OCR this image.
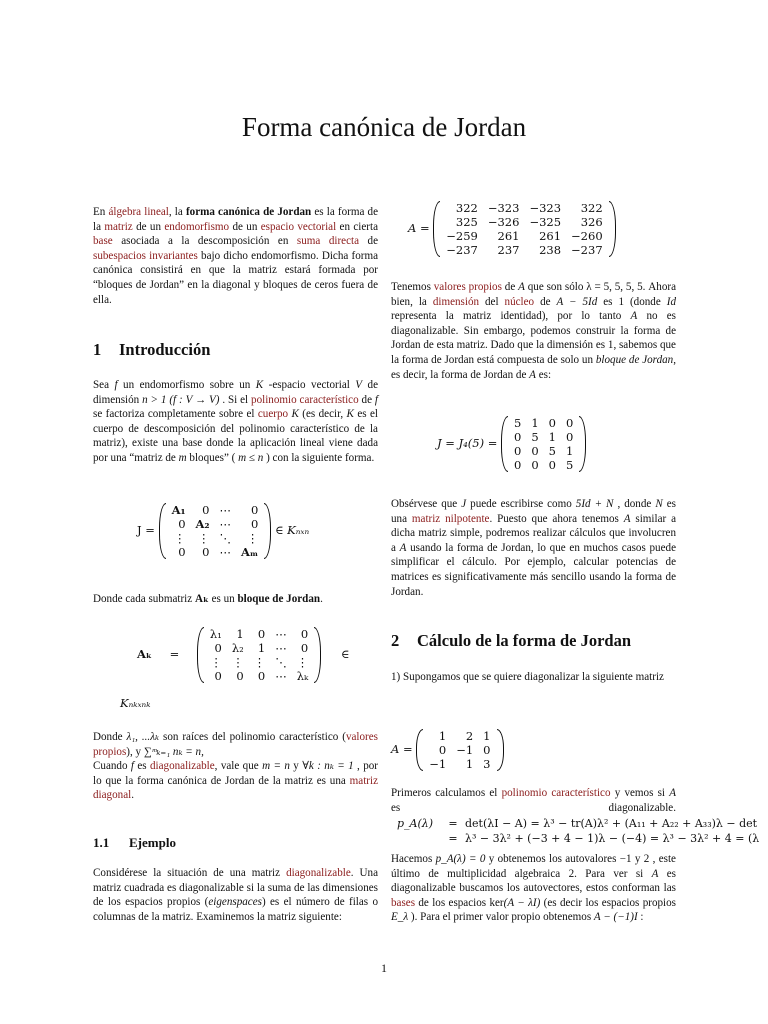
Forma canónica de Jordan

En álgebra lineal, la forma canónica de Jordan es la forma de la matriz de un endomorfismo de un espacio vectorial en cierta base asociada a la descomposición en suma directa de subespacios invariantes bajo dicho endomorfismo. Dicha forma canónica consistirá en que la matriz estará formada por “bloques de Jordan” en la diagonal y bloques de ceros fuera de ella.

1 Introducción

Sea f un endomorfismo sobre un K -espacio vectorial V de dimensión n > 1 (f : V → V) . Si el polinomio característico de f se factoriza completamente sobre el cuerpo K (es decir, K es el cuerpo de descomposición del polinomio característico de la matriz), existe una base donde la aplicación lineal viene dada por una “matriz de m bloques” ( m ≤ n ) con la siguiente forma.

J =
A₁	0	⋯	0
0	A₂	⋯	0
⋮	⋮	⋱	⋮
0	0	⋯	Aₘ
∈ Kₙₓₙ

Donde cada submatriz Aₖ es un bloque de Jordan.

Aₖ =
λ₁	1	0	⋯	0
0	λ₂	1	⋯	0
⋮	⋮	⋮	⋱	⋮
0	0	0	⋯	λₖ
∈
Kₙₖₓₙₖ

Donde λ₁, ...λₖ son raíces del polinomio característico (valores propios), y ∑ᵐₖ₌₁ nₖ = n,
Cuando f es diagonalizable, vale que m = n y ∀k : nₖ = 1 , por lo que la forma canónica de Jordan de la matriz es una matriz diagonal.

1.1 Ejemplo

Considérese la situación de una matriz diagonalizable. Una matriz cuadrada es diagonalizable si la suma de las dimensiones de los espacios propios (eigenspaces) es el número de filas o columnas de la matriz. Examinemos la matriz siguiente:

A =
322	−323	−323	322
325	−326	−325	326
−259	261	261	−260
−237	237	238	−237

Tenemos valores propios de A que son sólo λ = 5, 5, 5, 5. Ahora bien, la dimensión del núcleo de A − 5Id es 1 (donde Id representa la matriz identidad), por lo tanto A no es diagonalizable. Sin embargo, podemos construir la forma de Jordan de esta matriz. Dado que la dimensión es 1, sabemos que la forma de Jordan está compuesta de solo un bloque de Jordan, es decir, la forma de Jordan de A es:

J = J₄(5) =
5	1	0	0
0	5	1	0
0	0	5	1
0	0	0	5

Obsérvese que J puede escribirse como 5Id + N , donde N es una matriz nilpotente. Puesto que ahora tenemos A similar a dicha matriz simple, podremos realizar cálculos que involucren a A usando la forma de Jordan, lo que en muchos casos puede simplificar el cálculo. Por ejemplo, calcular potencias de matrices es significativamente más sencillo usando la forma de Jordan.

2 Cálculo de la forma de Jordan

1) Supongamos que se quiere diagonalizar la siguiente matriz

A =
1	2	1
0	−1	0
−1	1	3

Primeros calculamos el polinomio característico y vemos si A es diagonalizable.

p_A(λ) = det(λI − A) = λ³ − tr(A)λ² + (A₁₁ + A₂₂ + A₃₃)λ − det
= λ³ − 3λ² + (−3 + 4 − 1)λ − (−4) = λ³ − 3λ² + 4 = (λ

Hacemos p_A(λ) = 0 y obtenemos los autovalores −1 y 2 , este último de multiplicidad algebraica 2. Para ver si A es diagonalizable buscamos los autovectores, estos conforman las bases de los espacios ker(A − λI) (es decir los espacios propios E_λ ). Para el primer valor propio obtenemos A − (−1)I :

1
